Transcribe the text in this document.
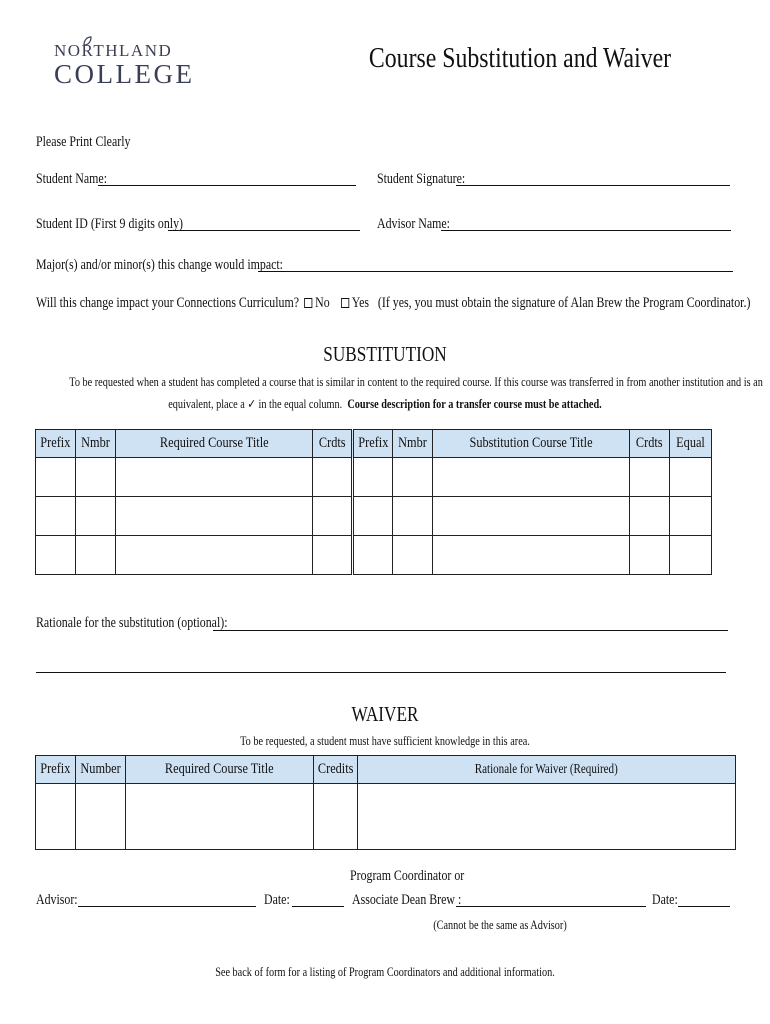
NORTHLAND
COLLEGE	Course Substitution and Waiver
Please Print Clearly
Student Name:	Student Signature:
Student ID (First 9 digits only)	Advisor Name:
Major(s) and/or minor(s) this change would impact:
Will this change impact your Connections Curriculum? No Yes (If yes, you must obtain the signature of Alan Brew the Program Coordinator.)
SUBSTITUTION
To be requested when a student has completed a course that is similar in content to the required course. If this course was transferred in from another institution and is an
equivalent, place a ✓ in the equal column. Course description for a transfer course must be attached.
Prefix	Nmbr	Required Course Title	Crdts	Prefix	Nmbr	Substitution Course Title	Crdts	Equal

Rationale for the substitution (optional):
WAIVER
To be requested, a student must have sufficient knowledge in this area.
Prefix	Number	Required Course Title	Credits	Rationale for Waiver (Required)

Program Coordinator or
Advisor:	Date:	Associate Dean Brew :	Date:
(Cannot be the same as Advisor)
See back of form for a listing of Program Coordinators and additional information.
